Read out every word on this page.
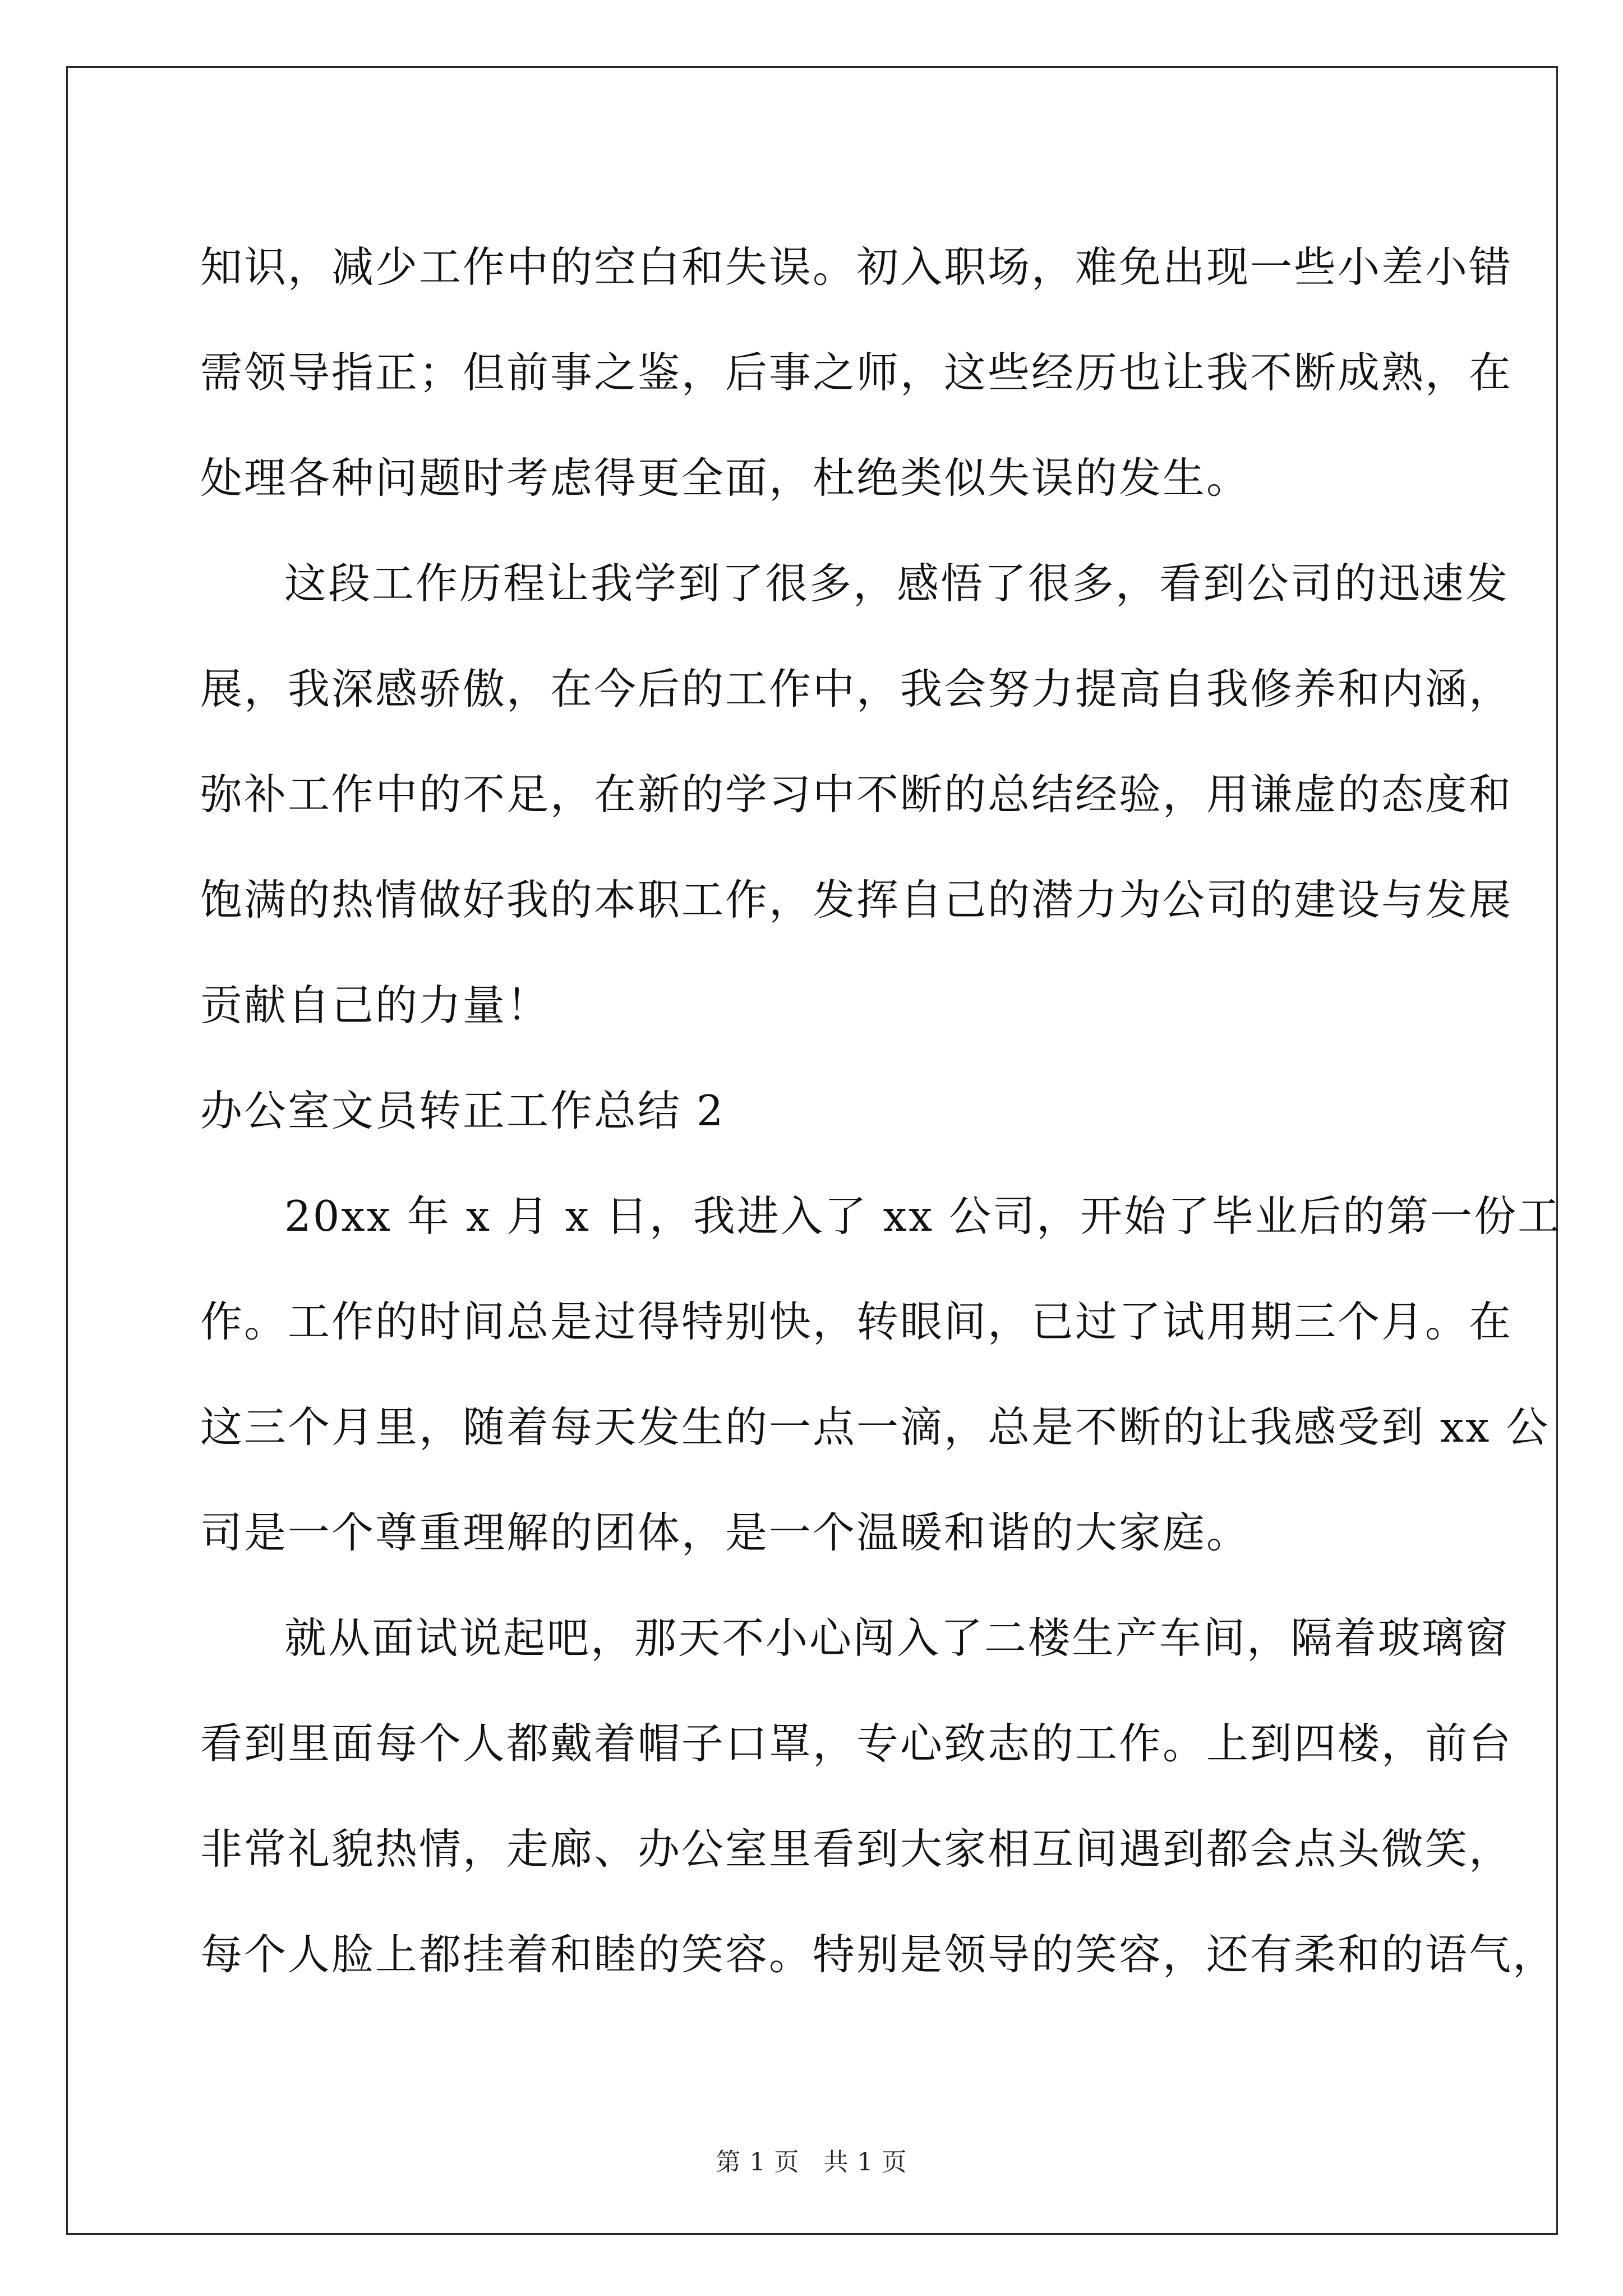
知识，减少工作中的空白和失误。初入职场，难免出现一些小差小错
需领导指正；但前事之鉴，后事之师，这些经历也让我不断成熟，在
处理各种问题时考虑得更全面，杜绝类似失误的发生。
这段工作历程让我学到了很多，感悟了很多，看到公司的迅速发
展，我深感骄傲，在今后的工作中，我会努力提高自我修养和内涵，
弥补工作中的不足，在新的学习中不断的总结经验，用谦虚的态度和
饱满的热情做好我的本职工作，发挥自己的潜力为公司的建设与发展
贡献自己的力量！
办公室文员转正工作总结 2
20xx 年 x 月 x 日，我进入了 xx 公司，开始了毕业后的第一份工
作。工作的时间总是过得特别快，转眼间，已过了试用期三个月。在
这三个月里，随着每天发生的一点一滴，总是不断的让我感受到 xx 公
司是一个尊重理解的团体，是一个温暖和谐的大家庭。
就从面试说起吧，那天不小心闯入了二楼生产车间，隔着玻璃窗
看到里面每个人都戴着帽子口罩，专心致志的工作。上到四楼，前台
非常礼貌热情，走廊、办公室里看到大家相互间遇到都会点头微笑，
每个人脸上都挂着和睦的笑容。特别是领导的笑容，还有柔和的语气，
第 1 页 共 1 页
